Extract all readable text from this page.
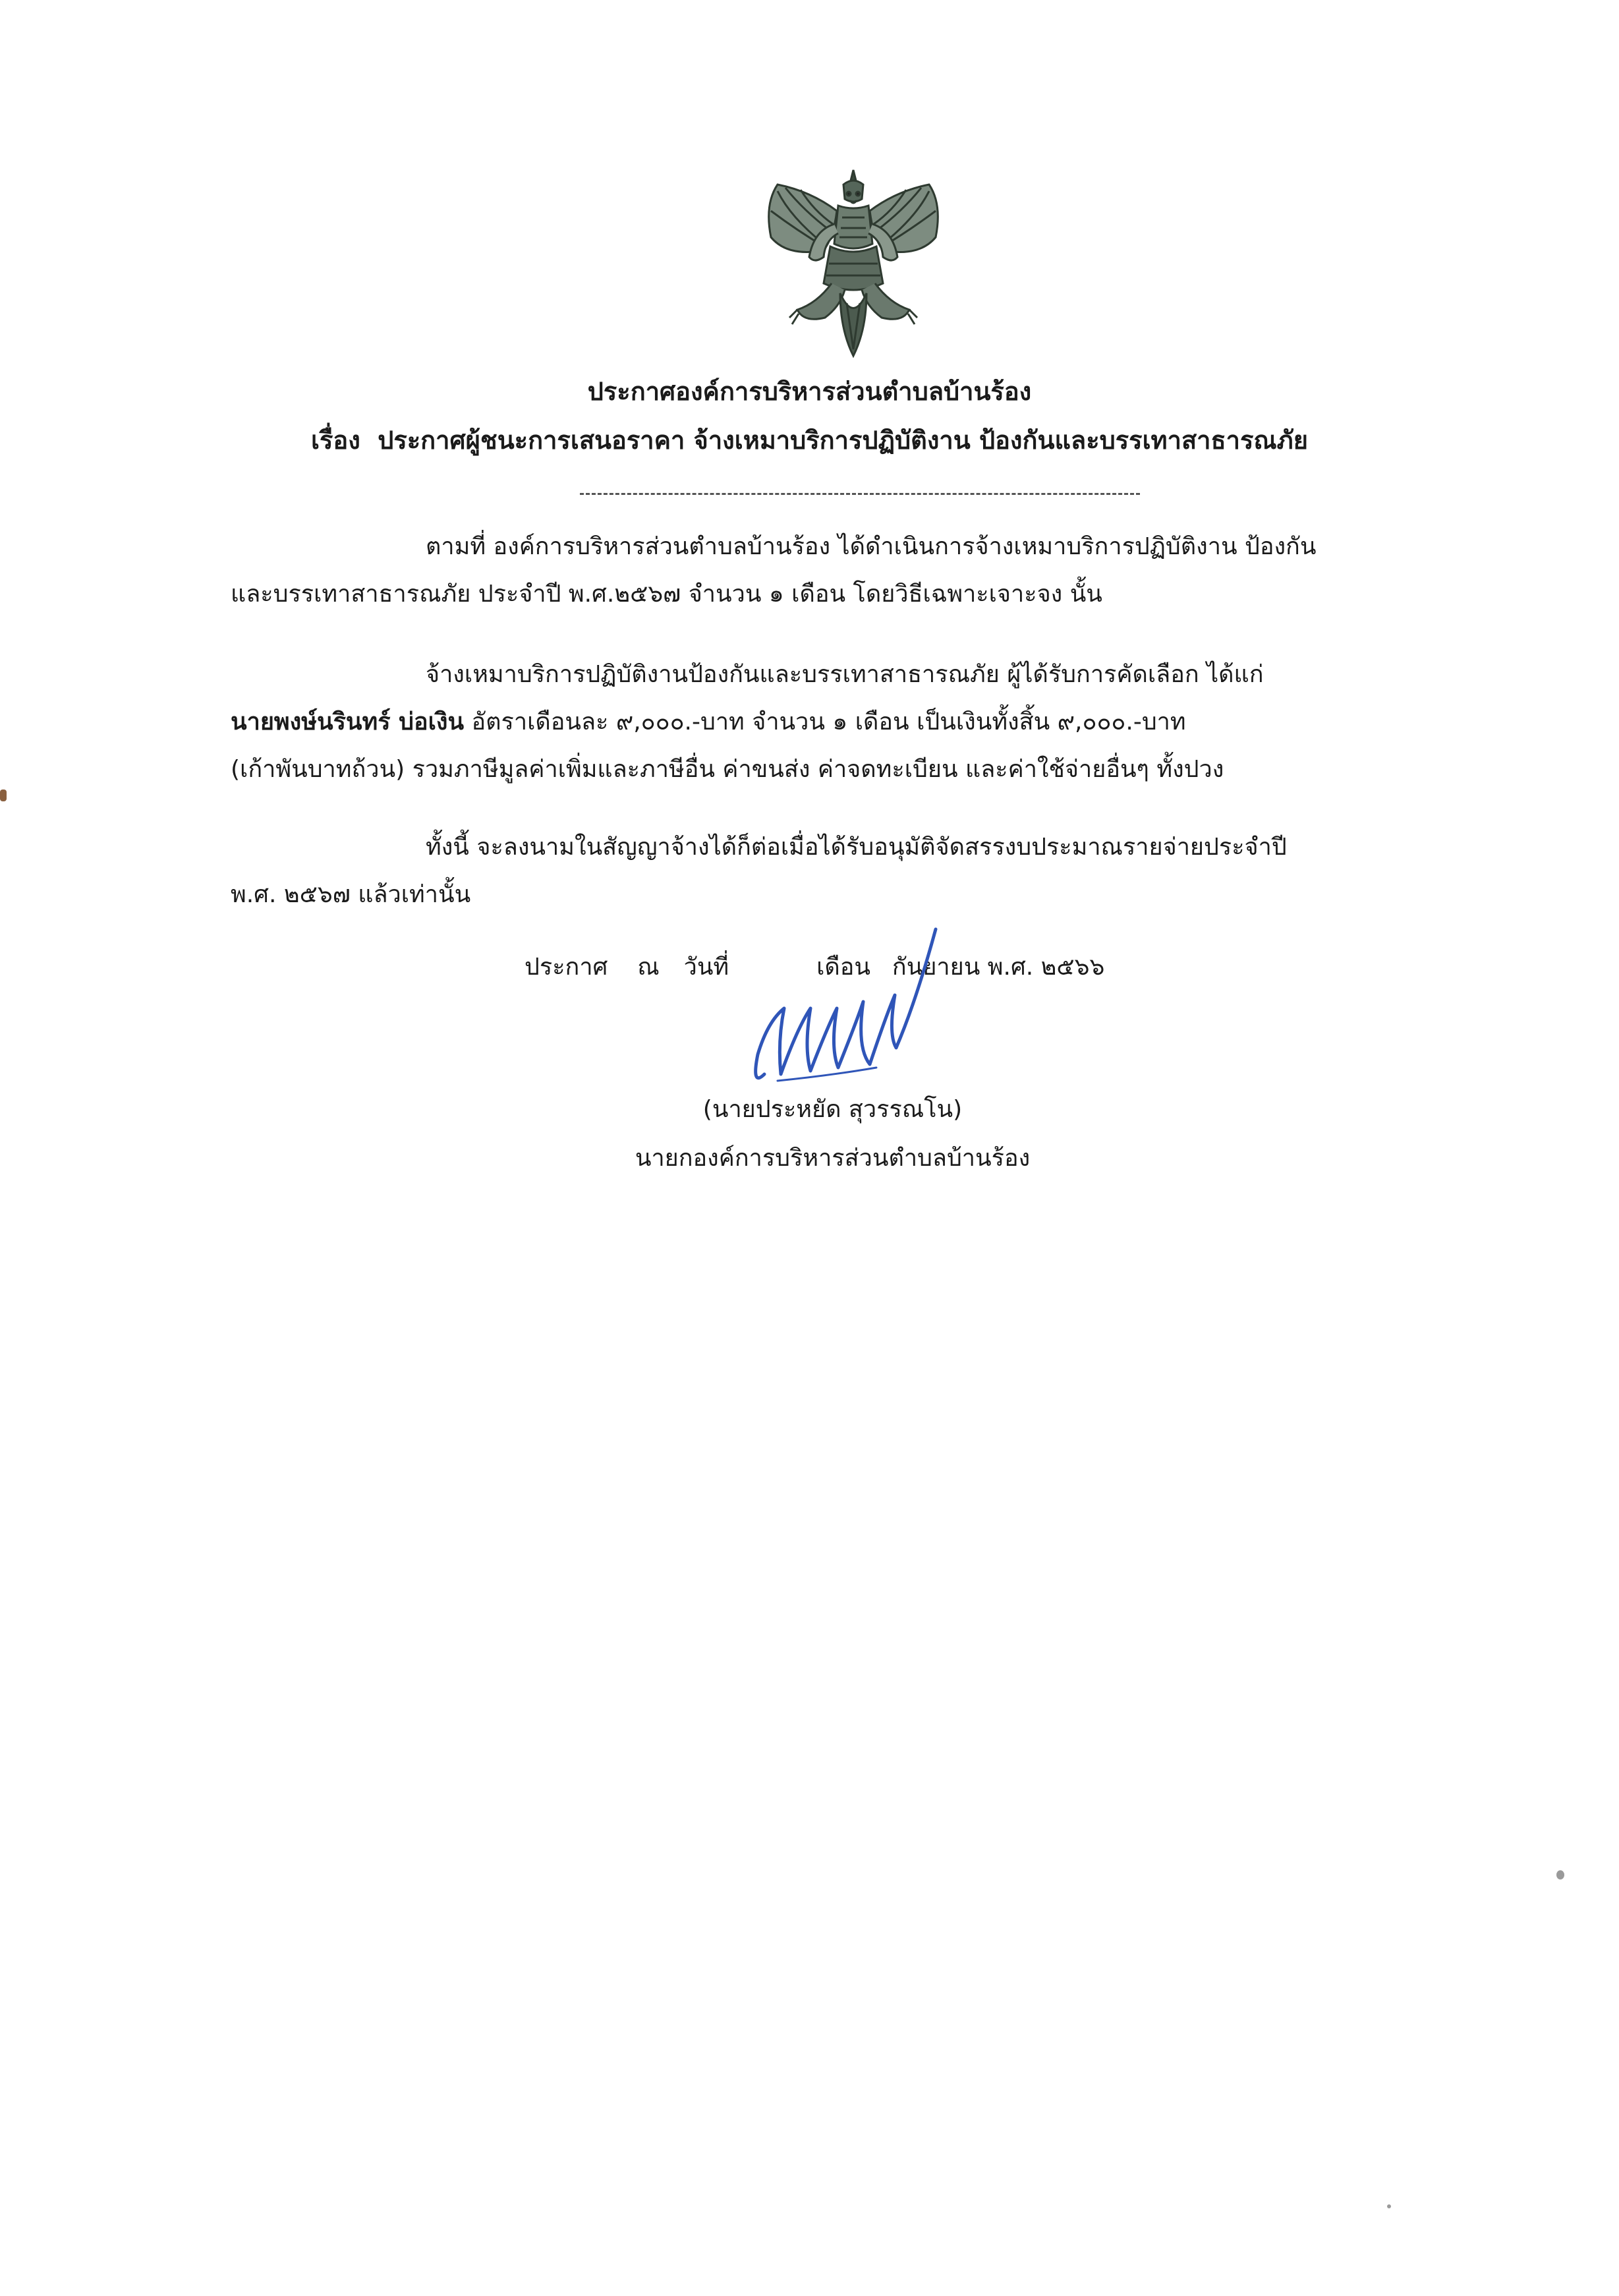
ประกาศองค์การบริหารส่วนตำบลบ้านร้อง
เรื่อง ประกาศผู้ชนะการเสนอราคา จ้างเหมาบริการปฏิบัติงาน ป้องกันและบรรเทาสาธารณภัย
ตามที่ องค์การบริหารส่วนตำบลบ้านร้อง ได้ดำเนินการจ้างเหมาบริการปฏิบัติงาน ป้องกัน
และบรรเทาสาธารณภัย ประจำปี พ.ศ.๒๕๖๗ จำนวน ๑ เดือน โดยวิธีเฉพาะเจาะจง นั้น
จ้างเหมาบริการปฏิบัติงานป้องกันและบรรเทาสาธารณภัย ผู้ได้รับการคัดเลือก ได้แก่
นายพงษ์นรินทร์ บ่อเงิน อัตราเดือนละ ๙,๐๐๐.-บาท จำนวน ๑ เดือน เป็นเงินทั้งสิ้น ๙,๐๐๐.-บาท
(เก้าพันบาทถ้วน) รวมภาษีมูลค่าเพิ่มและภาษีอื่น ค่าขนส่ง ค่าจดทะเบียน และค่าใช้จ่ายอื่นๆ ทั้งปวง
ทั้งนี้ จะลงนามในสัญญาจ้างได้ก็ต่อเมื่อได้รับอนุมัติจัดสรรงบประมาณรายจ่ายประจำปี
พ.ศ. ๒๕๖๗ แล้วเท่านั้น
ประกาศ ณ วันที่	เดือน กันยายน พ.ศ. ๒๕๖๖
(นายประหยัด สุวรรณโน)
นายกองค์การบริหารส่วนตำบลบ้านร้อง
